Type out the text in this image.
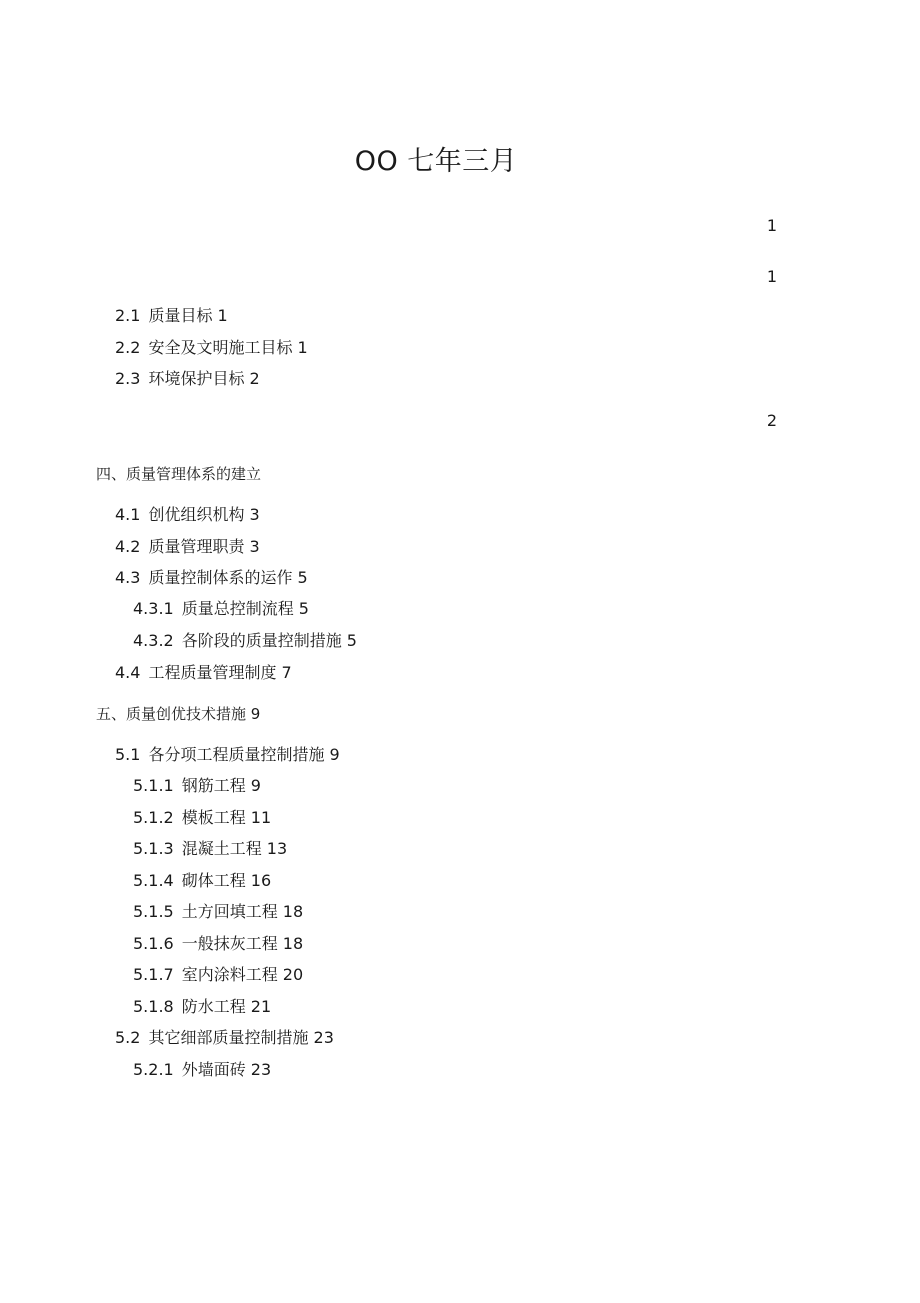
OO 七年三月
1
1
2
2.1 质量目标 1
2.2 安全及文明施工目标 1
2.3 环境保护目标 2
四、质量管理体系的建立
4.1 创优组织机构 3
4.2 质量管理职责 3
4.3 质量控制体系的运作 5
4.3.1 质量总控制流程 5
4.3.2 各阶段的质量控制措施 5
4.4 工程质量管理制度 7
五、质量创优技术措施 9
5.1 各分项工程质量控制措施 9
5.1.1 钢筋工程 9
5.1.2 模板工程 11
5.1.3 混凝土工程 13
5.1.4 砌体工程 16
5.1.5 土方回填工程 18
5.1.6 一般抹灰工程 18
5.1.7 室内涂料工程 20
5.1.8 防水工程 21
5.2 其它细部质量控制措施 23
5.2.1 外墙面砖 23
